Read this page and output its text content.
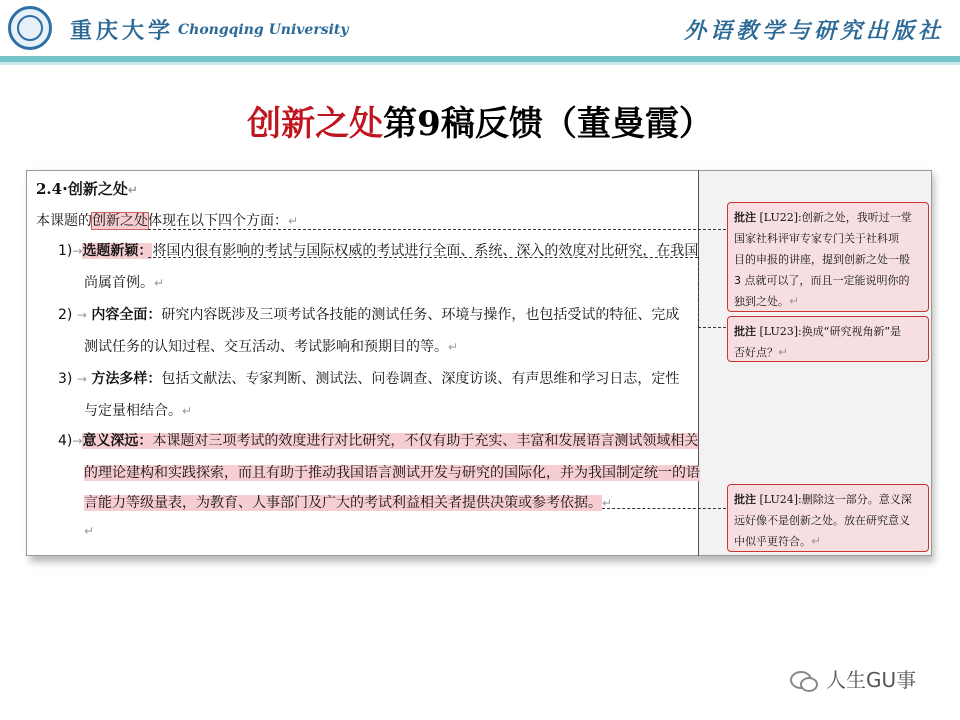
重庆大学 Chongqing University	外语教学与研究出版社
创新之处第9稿反馈（董曼霞）
2.4·创新之处↵
本课题的创新之处体现在以下四个方面：↵
1)→选题新颖：将国内很有影响的考试与国际权威的考试进行全面、系统、深入的效度对比研究，在我国
尚属首例。↵
2) → 内容全面：研究内容既涉及三项考试各技能的测试任务、环境与操作，也包括受试的特征、完成
测试任务的认知过程、交互活动、考试影响和预期目的等。↵
3) → 方法多样：包括文献法、专家判断、测试法、问卷调查、深度访谈、有声思维和学习日志，定性
与定量相结合。↵
4)→意义深远：本课题对三项考试的效度进行对比研究，不仅有助于充实、丰富和发展语言测试领域相关
的理论建构和实践探索，而且有助于推动我国语言测试开发与研究的国际化，并为我国制定统一的语
言能力等级量表，为教育、人事部门及广大的考试利益相关者提供决策或参考依据。↵
↵
批注 [LU22]:创新之处，我听过一堂
国家社科评审专家专门关于社科项
目的申报的讲座，提到创新之处一般
3 点就可以了，而且一定能说明你的
独到之处。↵
批注 [LU23]:换成“研究视角新”是
否好点？↵
批注 [LU24]:删除这一部分。意义深
远好像不是创新之处。放在研究意义
中似乎更符合。↵
人生GU事
